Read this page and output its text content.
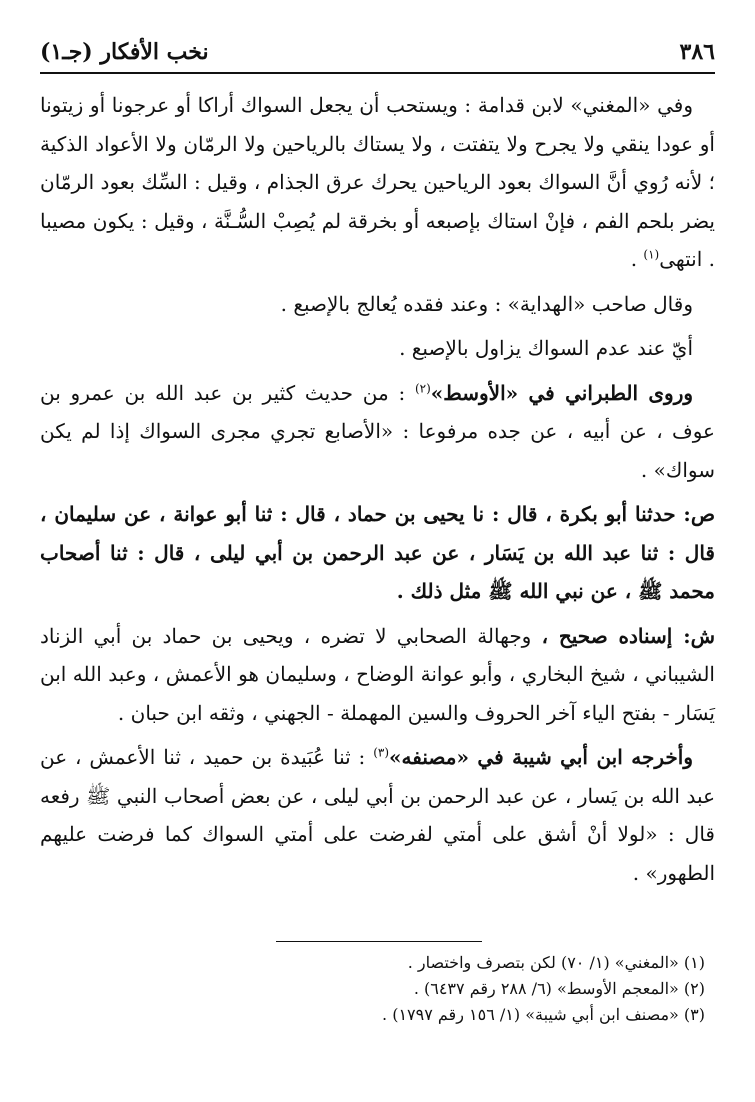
٣٨٦
نخب الأفكار (جـ١)

وفي «المغني» لابن قدامة : ويستحب أن يجعل السواك أراكا أو عرجونا أو زيتونا أو عودا ينقي ولا يجرح ولا يتفتت ، ولا يستاك بالرياحين ولا الرمّان ولا الأعواد الذكية ؛ لأنه رُوي أنَّ السواك بعود الرياحين يحرك عرق الجذام ، وقيل : السِّك بعود الرمّان يضر بلحم الفم ، فإنْ استاك بإصبعه أو بخرقة لم يُصِبْ السُّـنَّة ، وقيل : يكون مصيبا . انتهى$^{(١)}$ .

وقال صاحب «الهداية» : وعند فقده يُعالج بالإصبع .

أيّ عند عدم السواك يزاول بالإصبع .

وروى الطبراني في «الأوسط»$^{(٢)}$ : من حديث كثير بن عبد الله بن عمرو بن عوف ، عن أبيه ، عن جده مرفوعا : «الأصابع تجري مجرى السواك إذا لم يكن سواك» .

ص: حدثنا أبو بكرة ، قال : نا يحيى بن حماد ، قال : ثنا أبو عوانة ، عن سليمان ، قال : ثنا عبد الله بن يَسَار ، عن عبد الرحمن بن أبي ليلى ، قال : ثنا أصحاب محمد ﷺ ، عن نبي الله ﷺ مثل ذلك .

ش: إسناده صحيح ، وجهالة الصحابي لا تضره ، ويحيى بن حماد بن أبي الزناد الشيباني ، شيخ البخاري ، وأبو عوانة الوضاح ، وسليمان هو الأعمش ، وعبد الله ابن يَسَار - بفتح الياء آخر الحروف والسين المهملة - الجهني ، وثقه ابن حبان .

وأخرجه ابن أبي شيبة في «مصنفه»$^{(٣)}$ : ثنا عُبَيدة بن حميد ، ثنا الأعمش ، عن عبد الله بن يَسار ، عن عبد الرحمن بن أبي ليلى ، عن بعض أصحاب النبي ﷺ رفعه قال : «لولا أنْ أشق على أمتي لفرضت على أمتي السواك كما فرضت عليهم الطهور» .

(١) «المغني» (١/ ٧٠) لكن بتصرف واختصار .

(٢) «المعجم الأوسط» (٦/ ٢٨٨ رقم ٦٤٣٧) .

(٣) «مصنف ابن أبي شيبة» (١/ ١٥٦ رقم ١٧٩٧) .
